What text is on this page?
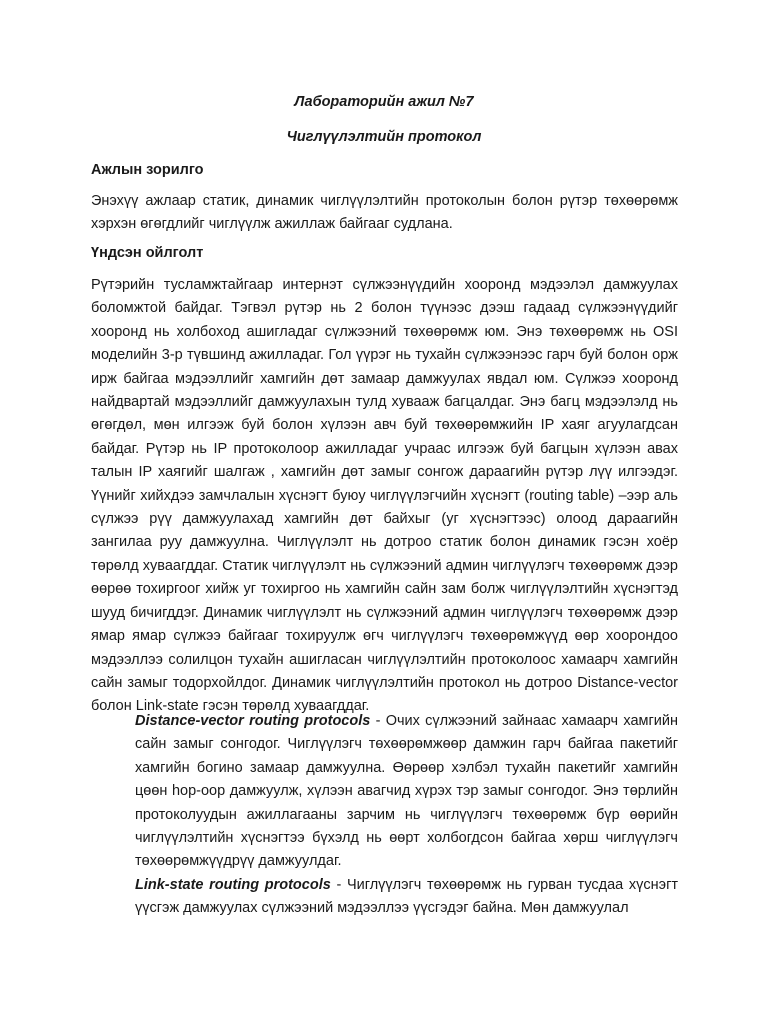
Лабораторийн ажил №7
Чиглүүлэлтийн протокол
Ажлын зорилго

Энэхүү ажлаар статик, динамик чиглүүлэлтийн протоколын болон рүтэр төхөөрөмж хэрхэн өгөгдлийг чиглүүлж ажиллаж байгааг судлана.

Үндсэн ойлголт

Рүтэрийн тусламжтайгаар интернэт сүлжээнүүдийн хооронд мэдээлэл дамжуулах боломжтой байдаг. Тэгвэл рүтэр нь 2 болон түүнээс дээш гадаад сүлжээнүүдийг хооронд нь холбоход ашигладаг сүлжээний төхөөрөмж юм. Энэ төхөөрөмж нь OSI моделийн 3-р түвшинд ажилладаг. Гол үүрэг нь тухайн сүлжээнээс гарч буй болон орж ирж байгаа мэдээллийг хамгийн дөт замаар дамжуулах явдал юм. Сүлжээ хооронд найдвартай мэдээллийг дамжуулахын тулд хувааж багцалдаг. Энэ багц мэдээлэлд нь өгөгдөл, мөн илгээж буй болон хүлээн авч буй төхөөрөмжийн IP хаяг агуулагдсан байдаг. Рүтэр нь IP протоколоор ажилладаг учраас илгээж буй багцын хүлээн авах талын IP хаягийг шалгаж , хамгийн дөт замыг сонгож дараагийн рүтэр лүү илгээдэг. Үүнийг хийхдээ замчлалын хүснэгт буюу чиглүүлэгчийн хүснэгт (routing table) –ээр аль сүлжээ рүү дамжуулахад хамгийн дөт байхыг (уг хүснэгтээс) олоод дараагийн зангилаа руу дамжуулна. Чиглүүлэлт нь дотроо статик болон динамик гэсэн хоёр төрөлд хуваагддаг. Статик чиглүүлэлт нь сүлжээний админ чиглүүлэгч төхөөрөмж дээр өөрөө тохиргоог хийж уг тохиргоо нь хамгийн сайн зам болж чиглүүлэлтийн хүснэгтэд шууд бичигддэг. Динамик чиглүүлэлт нь сүлжээний админ чиглүүлэгч төхөөрөмж дээр ямар ямар сүлжээ байгааг тохируулж өгч чиглүүлэгч төхөөрөмжүүд өөр хоорондоо мэдээллээ солилцон тухайн ашигласан чиглүүлэлтийн протоколоос хамаарч хамгийн сайн замыг тодорхойлдог. Динамик чиглүүлэлтийн протокол нь дотроо Distance-vector болон Link-state гэсэн төрөлд хуваагддаг.

Distance-vector routing protocols - Очих сүлжээний зайнаас хамаарч хамгийн сайн замыг сонгодог. Чиглүүлэгч төхөөрөмжөөр дамжин гарч байгаа пакетийг хамгийн богино замаар дамжуулна. Өөрөөр хэлбэл тухайн пакетийг хамгийн цөөн hop-оор дамжуулж, хүлээн авагчид хүрэх тэр замыг сонгодог. Энэ төрлийн протоколуудын ажиллагааны зарчим нь чиглүүлэгч төхөөрөмж бүр өөрийн чиглүүлэлтийн хүснэгтээ бүхэлд нь өөрт холбогдсон байгаа хөрш чиглүүлэгч төхөөрөмжүүдрүү дамжуулдаг.

Link-state routing protocols - Чиглүүлэгч төхөөрөмж нь гурван тусдаа хүснэгт үүсгэж дамжуулах сүлжээний мэдээллээ үүсгэдэг байна. Мөн дамжуулал
